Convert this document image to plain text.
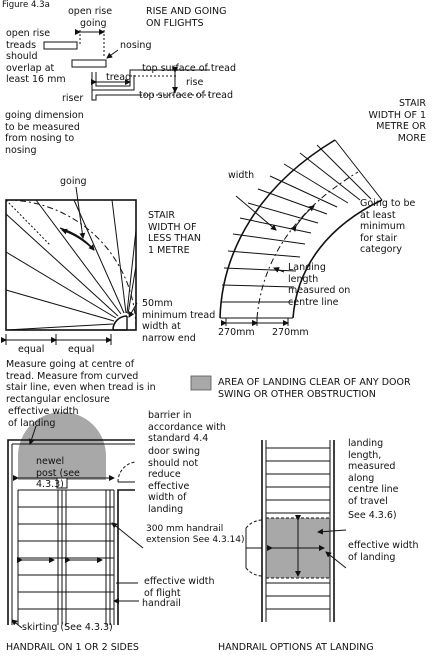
Figure 4.3a
RISE AND GOING
ON FLIGHTS
open rise
going
open rise
treads
should
overlap at
least 16 mm
nosing
top surface of tread
tread	rise
riser	top surface of tread
going dimension
to be measured
from nosing to
nosing
STAIR
WIDTH OF 1
METRE OR
MORE
width
Going to be
at least
minimum
for stair
category
Landing
length
measured on
centre line
270mm 270mm
going
STAIR
WIDTH OF
LESS THAN
1 METRE
50mm
minimum tread
width at
narrow end
equal equal
Measure going at centre of
tread. Measure from curved
stair line, even when tread is in
rectangular enclosure
AREA OF LANDING CLEAR OF ANY DOOR
SWING OR OTHER OBSTRUCTION
effective width
of landing
barrier in
accordance with
standard 4.4
newel
post (see
4.3.3)
door swing
should not
reduce
effective
width of
landing
300 mm handrail
extension See 4.3.14)
effective width
of flight
handrail
skirting (See 4.3.3)
HANDRAIL ON 1 OR 2 SIDES
landing
length,
measured
along
centre line
of travel
See 4.3.6)
effective width
of landing
HANDRAIL OPTIONS AT LANDING
